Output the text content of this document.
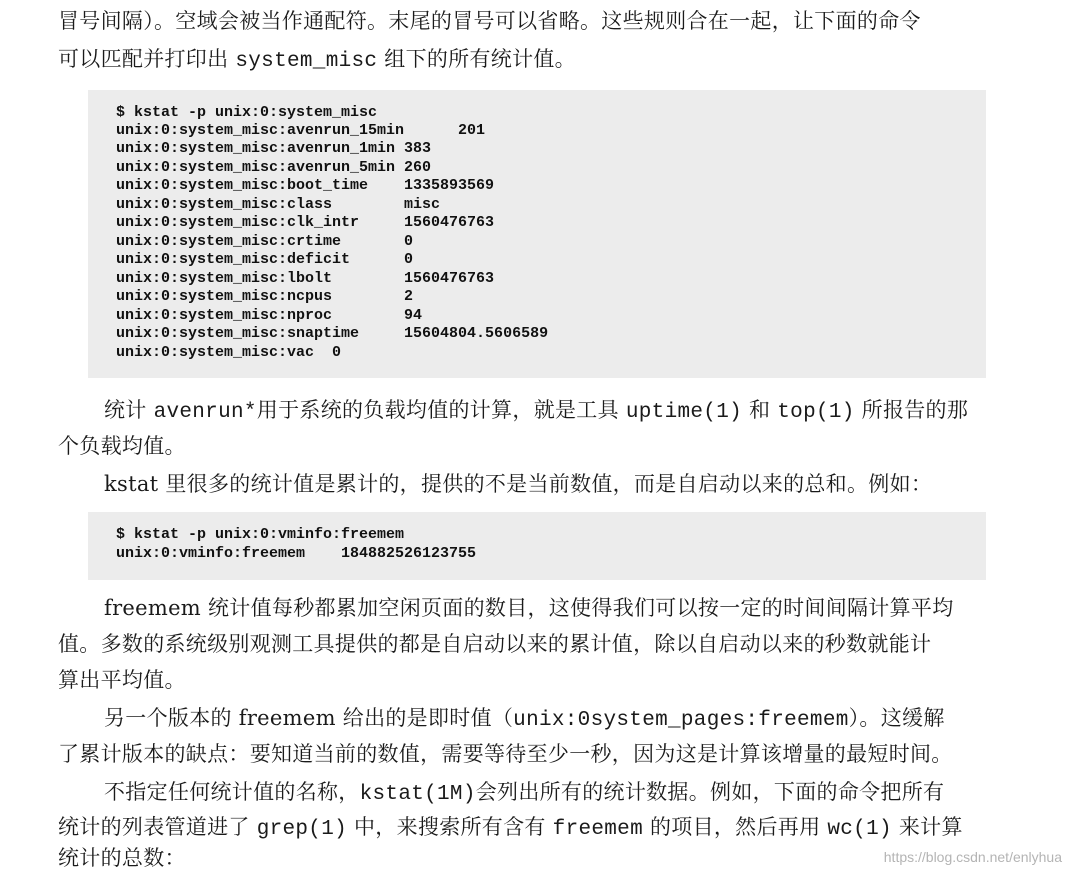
冒号间隔）。空域会被当作通配符。末尾的冒号可以省略。这些规则合在一起，让下面的命令
可以匹配并打印出 system_misc 组下的所有统计值。
$ kstat -p unix:0:system_misc
unix:0:system_misc:avenrun_15min      201
unix:0:system_misc:avenrun_1min 383
unix:0:system_misc:avenrun_5min 260
unix:0:system_misc:boot_time    1335893569
unix:0:system_misc:class        misc
unix:0:system_misc:clk_intr     1560476763
unix:0:system_misc:crtime       0
unix:0:system_misc:deficit      0
unix:0:system_misc:lbolt        1560476763
unix:0:system_misc:ncpus        2
unix:0:system_misc:nproc        94
unix:0:system_misc:snaptime     15604804.5606589
unix:0:system_misc:vac  0
统计 avenrun*用于系统的负载均值的计算，就是工具 uptime(1) 和 top(1) 所报告的那
个负载均值。
kstat 里很多的统计值是累计的，提供的不是当前数值，而是自启动以来的总和。例如：
$ kstat -p unix:0:vminfo:freemem
unix:0:vminfo:freemem    184882526123755
freemem 统计值每秒都累加空闲页面的数目，这使得我们可以按一定的时间间隔计算平均
值。多数的系统级别观测工具提供的都是自启动以来的累计值，除以自启动以来的秒数就能计
算出平均值。
另一个版本的 freemem 给出的是即时值（unix:0system_pages:freemem）。这缓解
了累计版本的缺点：要知道当前的数值，需要等待至少一秒，因为这是计算该增量的最短时间。
不指定任何统计值的名称，kstat(1M)会列出所有的统计数据。例如，下面的命令把所有
统计的列表管道进了 grep(1) 中，来搜索所有含有 freemem 的项目，然后再用 wc(1) 来计算
统计的总数：	https://blog.csdn.net/enlyhua
